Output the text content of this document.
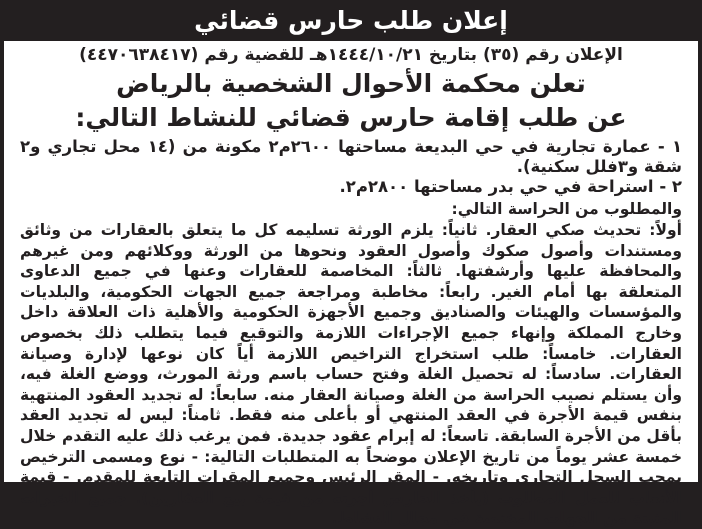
إعلان طلب حارس قضائي
الإعلان رقم (٣٥) بتاريخ ١٤٤٤/١٠/٢١هـ للقضية رقم (٤٤٧٠٦٣٨٤١٧)
تعلن محكمة الأحوال الشخصية بالرياض
عن طلب إقامة حارس قضائي للنشاط التالي:
١ - عمارة تجارية في حي البديعة مساحتها ٢٦٠٠م٢ مكونة من (١٤ محل تجاري و٢ شقة و٣فلل سكنية).
٢ - استراحة في حي بدر مساحتها ٢٨٠٠م٢.
والمطلوب من الحراسة التالي:
أولاً: تحديث صكي العقار. ثانياً: يلزم الورثة تسليمه كل ما يتعلق بالعقارات من وثائق ومستندات وأصول صكوك وأصول العقود ونحوها من الورثة ووكلائهم ومن غيرهم والمحافظة عليها وأرشفتها. ثالثاً: المخاصمة للعقارات وعنها في جميع الدعاوى المتعلقة بها أمام الغير. رابعاً: مخاطبة ومراجعة جميع الجهات الحكومية، والبلديات والمؤسسات والهيئات والصناديق وجميع الأجهزة الحكومية والأهلية ذات العلاقة داخل وخارج المملكة وإنهاء جميع الإجراءات اللازمة والتوقيع فيما يتطلب ذلك بخصوص العقارات. خامساً: طلب استخراج التراخيص اللازمة أياً كان نوعها لإدارة وصيانة العقارات. سادساً: له تحصيل الغلة وفتح حساب باسم ورثة المورث، ووضع الغلة فيه، وأن يستلم نصيب الحراسة من الغلة وصيانة العقار منه. سابعاً: له تجديد العقود المنتهية بنفس قيمة الأجرة في العقد المنتهي أو بأعلى منه فقط. ثامناً: ليس له تجديد العقد بأقل من الأجرة السابقة. تاسعاً: له إبرام عقود جديدة. فمن يرغب ذلك عليه التقدم خلال خمسة عشر يوماً من تاريخ الإعلان موضحاً به المتطلبات التالية: - نوع ومسمى الترخيص بمجب السجل التجاري وتاريخه. - المقر الرئيس وجميع المقرات التابعة للمقدم. - قيمة الأتعاب للعمل المطلوب (يأخذ الحارس أجرته من قيمة بيع العقارين). جميع الخبرات المثبتة من الجهات المختصة في مجال النشاط.
